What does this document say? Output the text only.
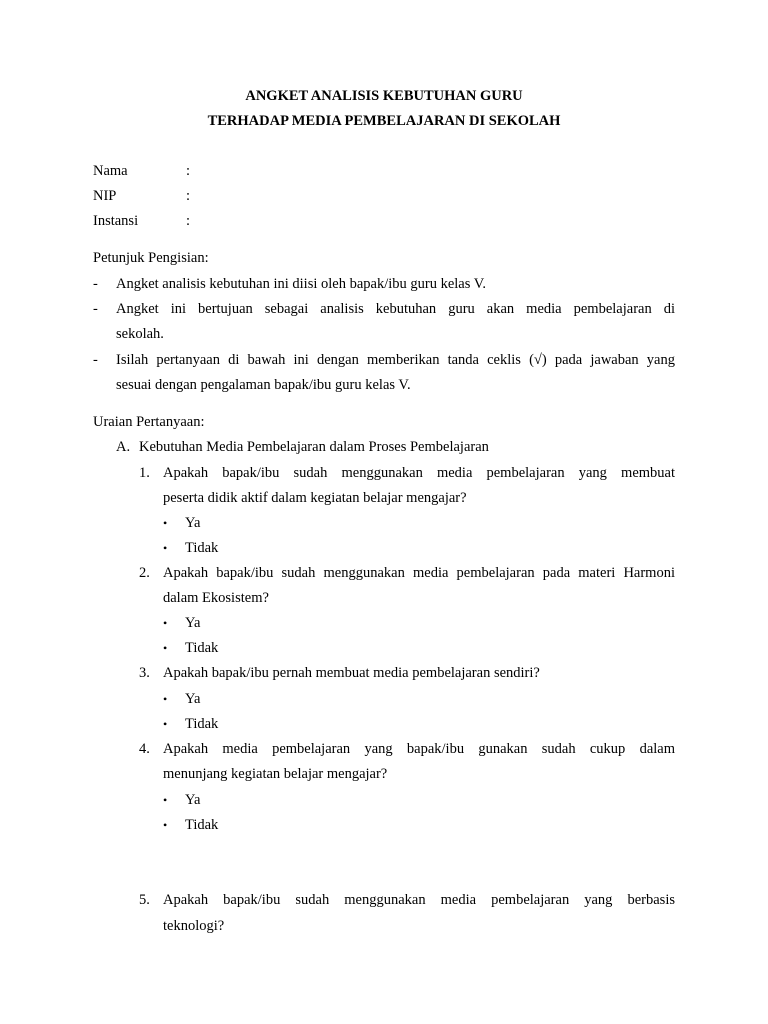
ANGKET ANALISIS KEBUTUHAN GURU
TERHADAP MEDIA PEMBELAJARAN DI SEKOLAH
Nama	:
NIP	:
Instansi	:
Petunjuk Pengisian:
- Angket analisis kebutuhan ini diisi oleh bapak/ibu guru kelas V.
- Angket ini bertujuan sebagai analisis kebutuhan guru akan media pembelajaran di
sekolah.
- Isilah pertanyaan di bawah ini dengan memberikan tanda ceklis (√) pada jawaban yang
sesuai dengan pengalaman bapak/ibu guru kelas V.
Uraian Pertanyaan:
A. Kebutuhan Media Pembelajaran dalam Proses Pembelajaran
1. Apakah bapak/ibu sudah menggunakan media pembelajaran yang membuat
peserta didik aktif dalam kegiatan belajar mengajar?
• Ya
• Tidak
2. Apakah bapak/ibu sudah menggunakan media pembelajaran pada materi Harmoni
dalam Ekosistem?
• Ya
• Tidak
3. Apakah bapak/ibu pernah membuat media pembelajaran sendiri?
• Ya
• Tidak
4. Apakah media pembelajaran yang bapak/ibu gunakan sudah cukup dalam
menunjang kegiatan belajar mengajar?
• Ya
• Tidak
5. Apakah bapak/ibu sudah menggunakan media pembelajaran yang berbasis
teknologi?
